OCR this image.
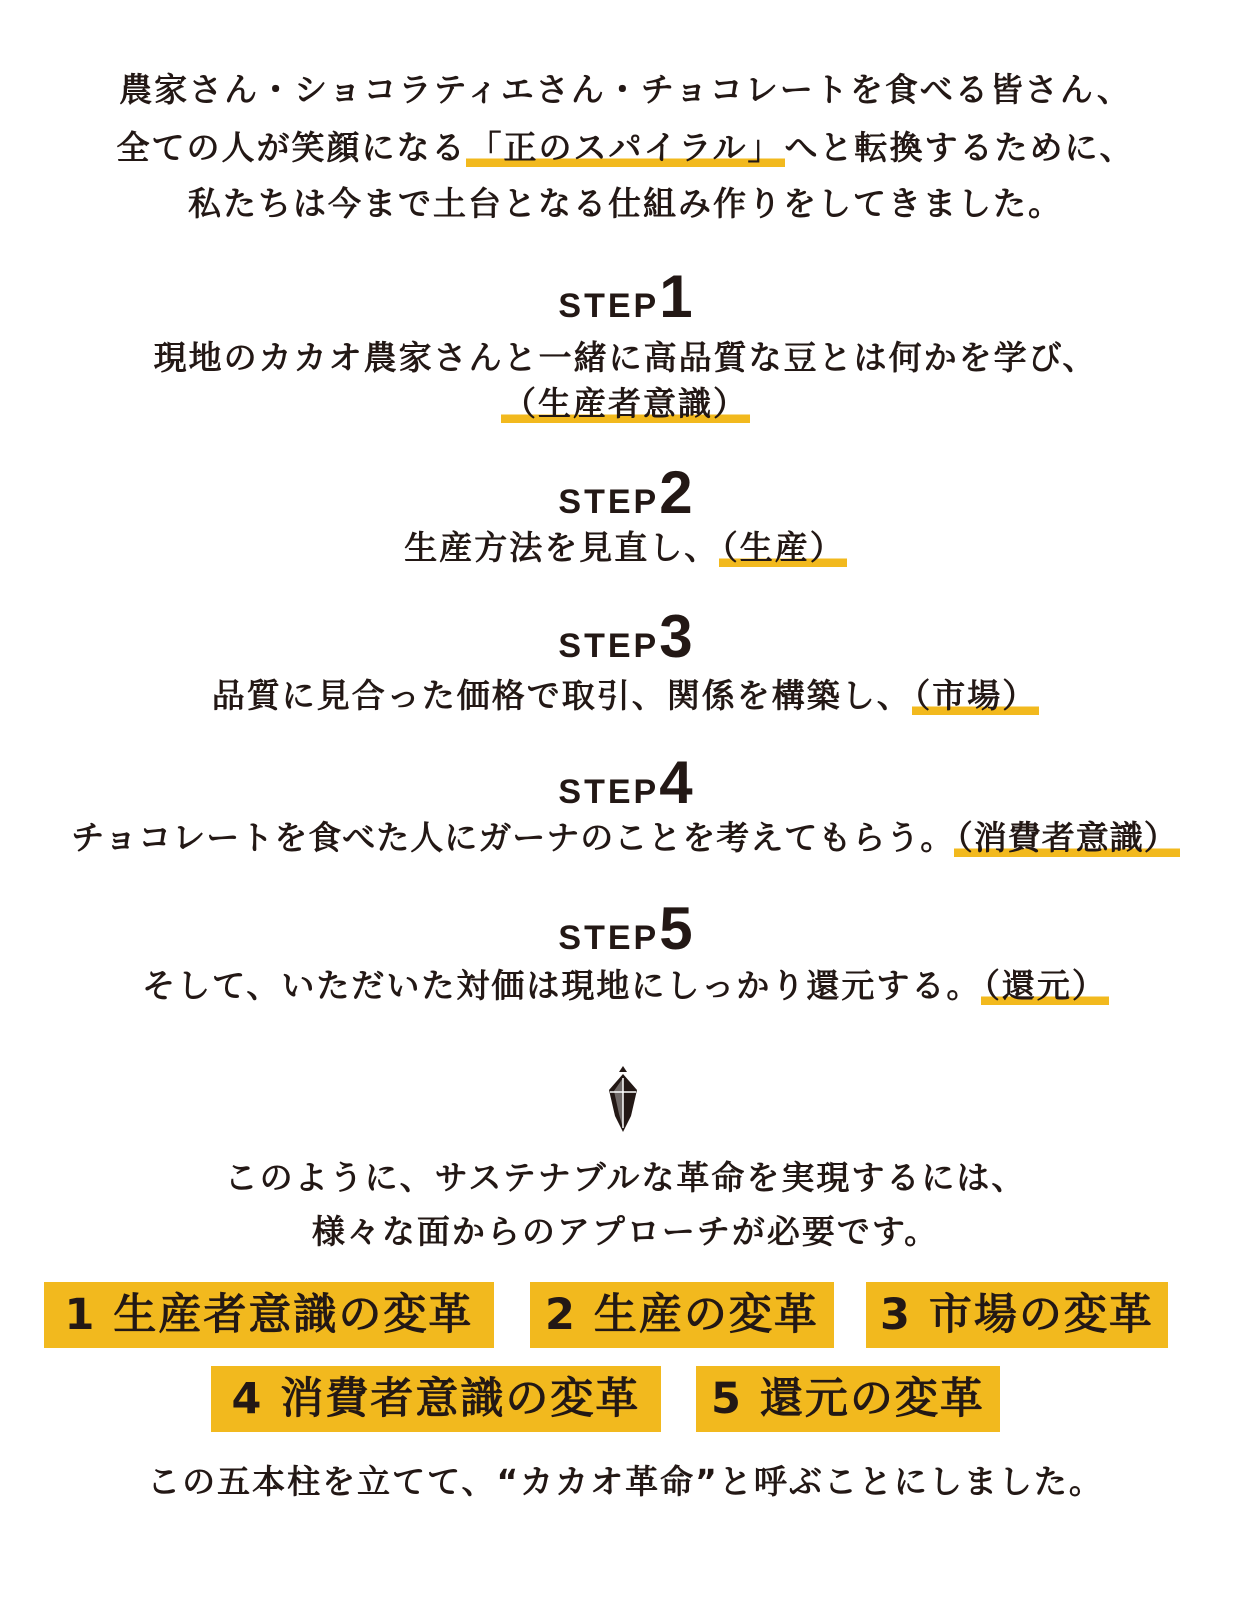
農家さん・ショコラティエさん・チョコレートを食べる皆さん、
全ての人が笑顔になる「正のスパイラル」へと転換するために、
私たちは今まで土台となる仕組み作りをしてきました。
STEP1
現地のカカオ農家さんと一緒に高品質な豆とは何かを学び、
（生産者意識）
STEP2
生産方法を見直し、（生産）
STEP3
品質に見合った価格で取引、関係を構築し、（市場）
STEP4
チョコレートを食べた人にガーナのことを考えてもらう。（消費者意識）
STEP5
そして、いただいた対価は現地にしっかり還元する。（還元）
このように、サステナブルな革命を実現するには、
様々な面からのアプローチが必要です。
1 生産者意識の変革	2 生産の変革	3 市場の変革
4 消費者意識の変革	5 還元の変革
この五本柱を立てて、“カカオ革命”と呼ぶことにしました。
